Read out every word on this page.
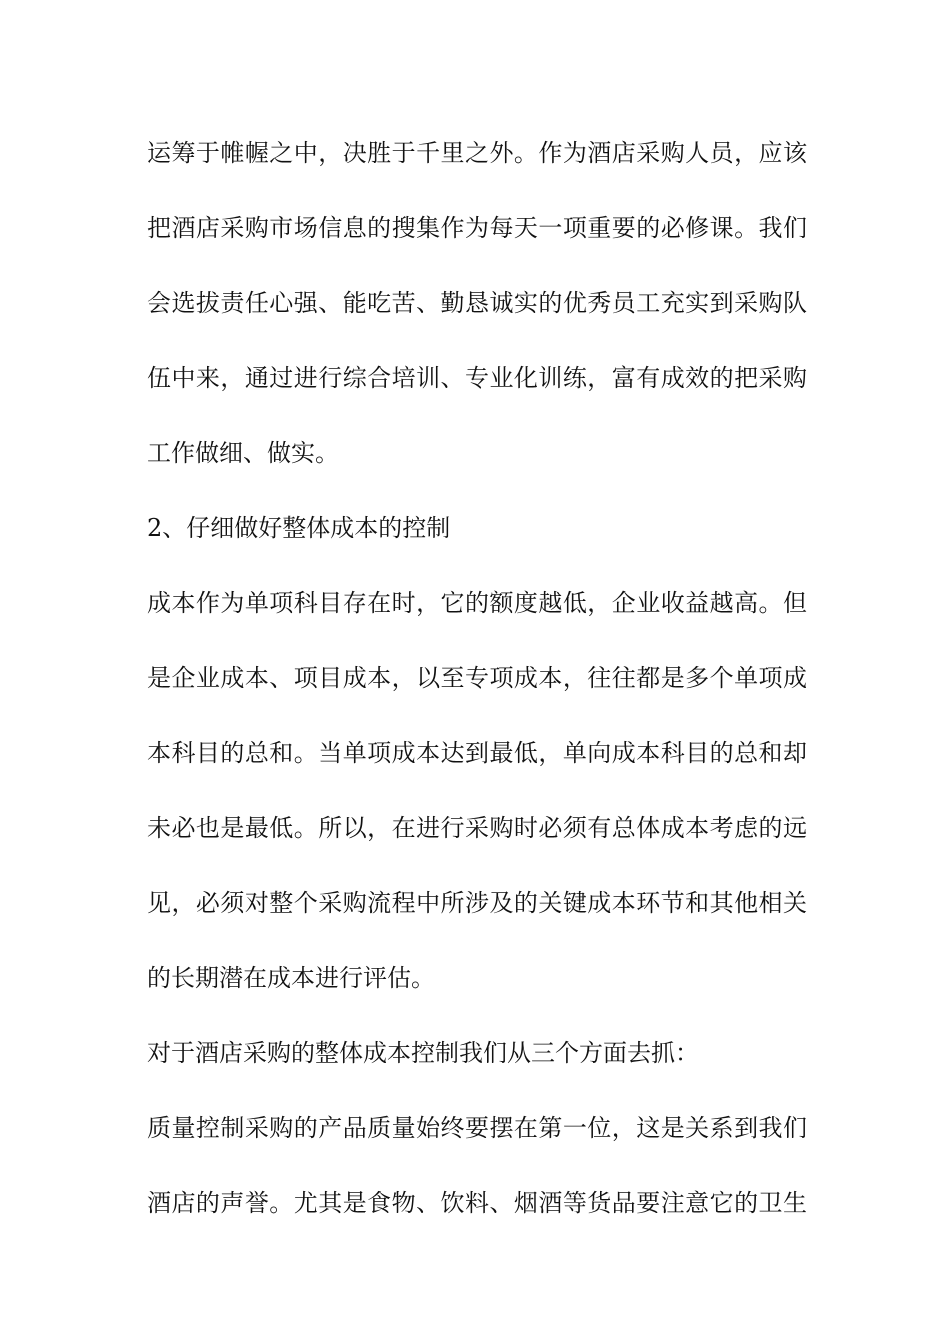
运筹于帷幄之中，决胜于千里之外。作为酒店采购人员，应该
把酒店采购市场信息的搜集作为每天一项重要的必修课。我们
会选拔责任心强、能吃苦、勤恳诚实的优秀员工充实到采购队
伍中来，通过进行综合培训、专业化训练，富有成效的把采购
工作做细、做实。
2、仔细做好整体成本的控制
成本作为单项科目存在时，它的额度越低，企业收益越高。但
是企业成本、项目成本，以至专项成本，往往都是多个单项成
本科目的总和。当单项成本达到最低，单向成本科目的总和却
未必也是最低。所以，在进行采购时必须有总体成本考虑的远
见，必须对整个采购流程中所涉及的关键成本环节和其他相关
的长期潜在成本进行评估。
对于酒店采购的整体成本控制我们从三个方面去抓：
质量控制采购的产品质量始终要摆在第一位，这是关系到我们
酒店的声誉。尤其是食物、饮料、烟酒等货品要注意它的卫生
